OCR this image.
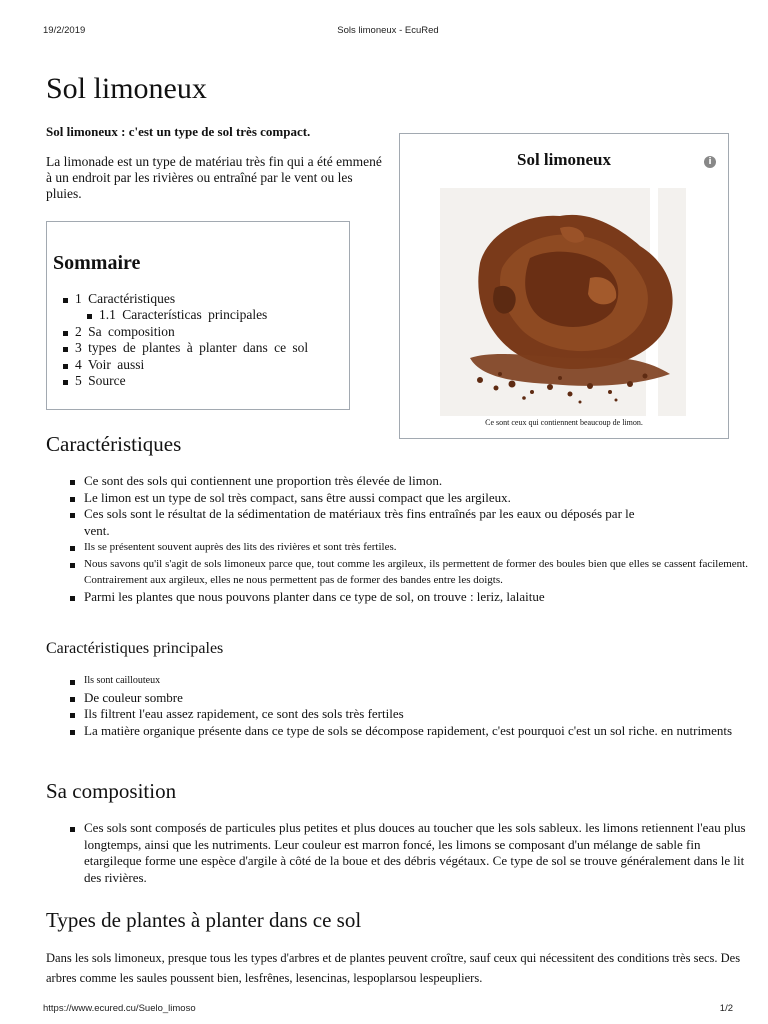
19/2/2019	Sols limoneux - EcuRed
Sol limoneux

Sol limoneux : c'est un type de sol très compact.

La limonade est un type de matériau très fin qui a été emmené à un endroit par les rivières ou entraîné par le vent ou les pluies.

Sol limoneux	i
Ce sont ceux qui contiennent beaucoup de limon.
Sommaire
1 Caractéristiques
1.1 Características principales
2 Sa composition
3 types de plantes à planter dans ce sol
4 Voir aussi
5 Source
Caractéristiques
Ce sont des sols qui contiennent une proportion très élevée de limon.
Le limon est un type de sol très compact, sans être aussi compact que les argileux.
Ces sols sont le résultat de la sédimentation de matériaux très fins entraînés par les eaux ou déposés par le vent.
Ils se présentent souvent auprès des lits des rivières et sont très fertiles.
Nous savons qu'il s'agit de sols limoneux parce que, tout comme les argileux, ils permettent de former des boules bien que elles se cassent facilement. Contrairement aux argileux, elles ne nous permettent pas de former des bandes entre les doigts.
Parmi les plantes que nous pouvons planter dans ce type de sol, on trouve : leriz, lalaitue
Caractéristiques principales
Ils sont caillouteux
De couleur sombre
Ils filtrent l'eau assez rapidement, ce sont des sols très fertiles
La matière organique présente dans ce type de sols se décompose rapidement, c'est pourquoi c'est un sol riche. en nutriments
Sa composition
Ces sols sont composés de particules plus petites et plus douces au toucher que les sols sableux. les limons retiennent l'eau plus longtemps, ainsi que les nutriments. Leur couleur est marron foncé, les limons se composant d'un mélange de sable fin etargileque forme une espèce d'argile à côté de la boue et des débris végétaux. Ce type de sol se trouve généralement dans le lit des rivières.
Types de plantes à planter dans ce sol

Dans les sols limoneux, presque tous les types d'arbres et de plantes peuvent croître, sauf ceux qui nécessitent des conditions très secs. Des arbres comme les saules poussent bien, lesfrênes, lesencinas, lespoplarsou lespeupliers.

https://www.ecured.cu/Suelo_limoso	1/2
